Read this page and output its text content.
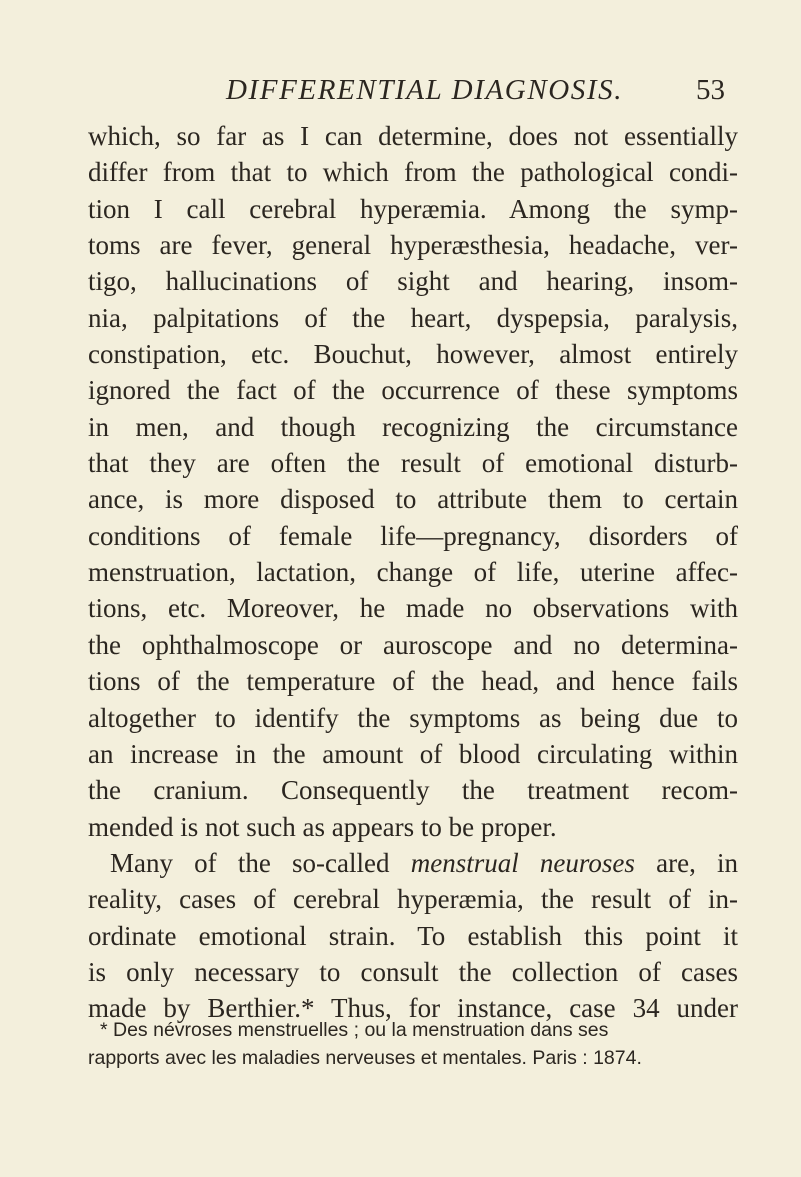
DIFFERENTIAL DIAGNOSIS.	53
which, so far as I can determine, does not essentially
differ from that to which from the pathological condi-
tion I call cerebral hyperæmia. Among the symp-
toms are fever, general hyperæsthesia, headache, ver-
tigo, hallucinations of sight and hearing, insom-
nia, palpitations of the heart, dyspepsia, paralysis,
constipation, etc. Bouchut, however, almost entirely
ignored the fact of the occurrence of these symptoms
in men, and though recognizing the circumstance
that they are often the result of emotional disturb-
ance, is more disposed to attribute them to certain
conditions of female life—pregnancy, disorders of
menstruation, lactation, change of life, uterine affec-
tions, etc. Moreover, he made no observations with
the ophthalmoscope or auroscope and no determina-
tions of the temperature of the head, and hence fails
altogether to identify the symptoms as being due to
an increase in the amount of blood circulating within
the cranium. Consequently the treatment recom-
mended is not such as appears to be proper.
Many of the so-called menstrual neuroses are, in
reality, cases of cerebral hyperæmia, the result of in-
ordinate emotional strain. To establish this point it
is only necessary to consult the collection of cases
made by Berthier.* Thus, for instance, case 34 under
* Des névroses menstruelles ; ou la menstruation dans ses
rapports avec les maladies nerveuses et mentales. Paris : 1874.
